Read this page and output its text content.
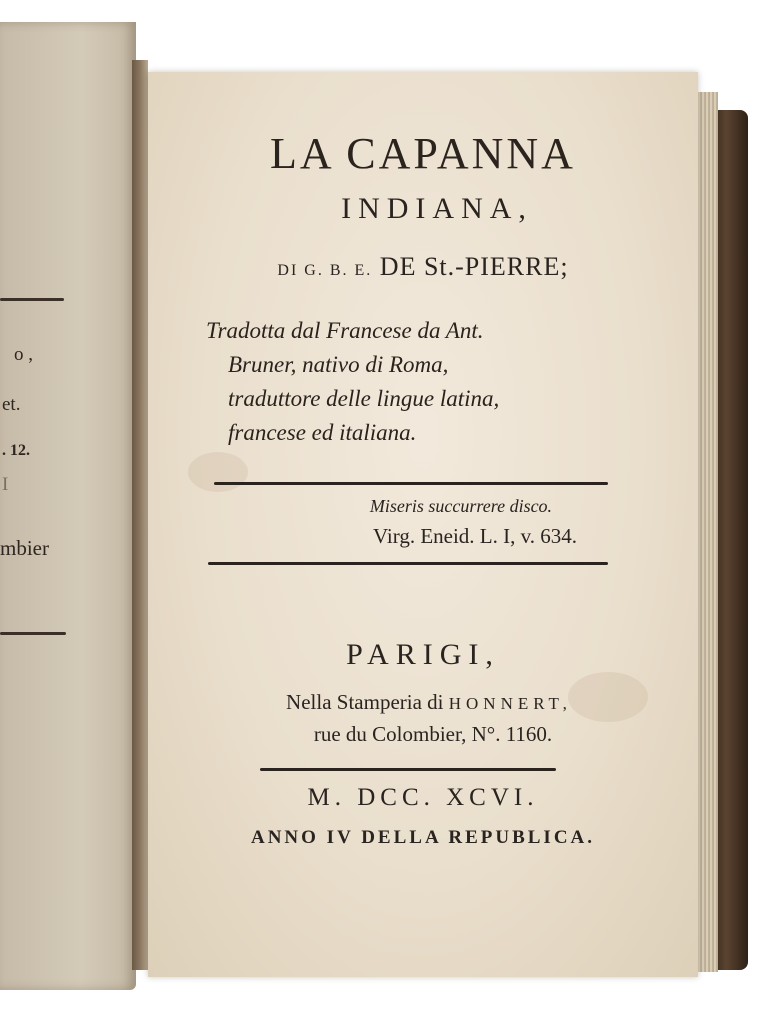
o ,
et.
. 12.
I
mbier
LA CAPANNA
INDIANA,
DI G. B. E. DE St.-PIERRE;
Tradotta dal Francese da Ant.
Bruner, nativo di Roma,
traduttore delle lingue latina,
francese ed italiana.
Miseris succurrere disco.
Virg. Eneid. L. I, v. 634.
PARIGI,
Nella Stamperia di HONNERT,
rue du Colombier, N°. 1160.
M. DCC. XCVI.
ANNO IV DELLA REPUBLICA.
